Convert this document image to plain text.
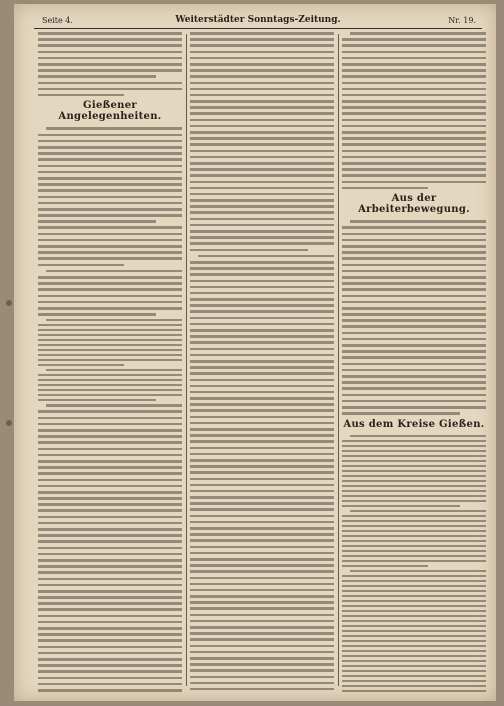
Seite 4.	Weiterstädter Sonntags-Zeitung.	Nr. 19.
Gießener Angelegenheiten.
Aus der Arbeiterbewegung.
Aus dem Kreise Gießen.
